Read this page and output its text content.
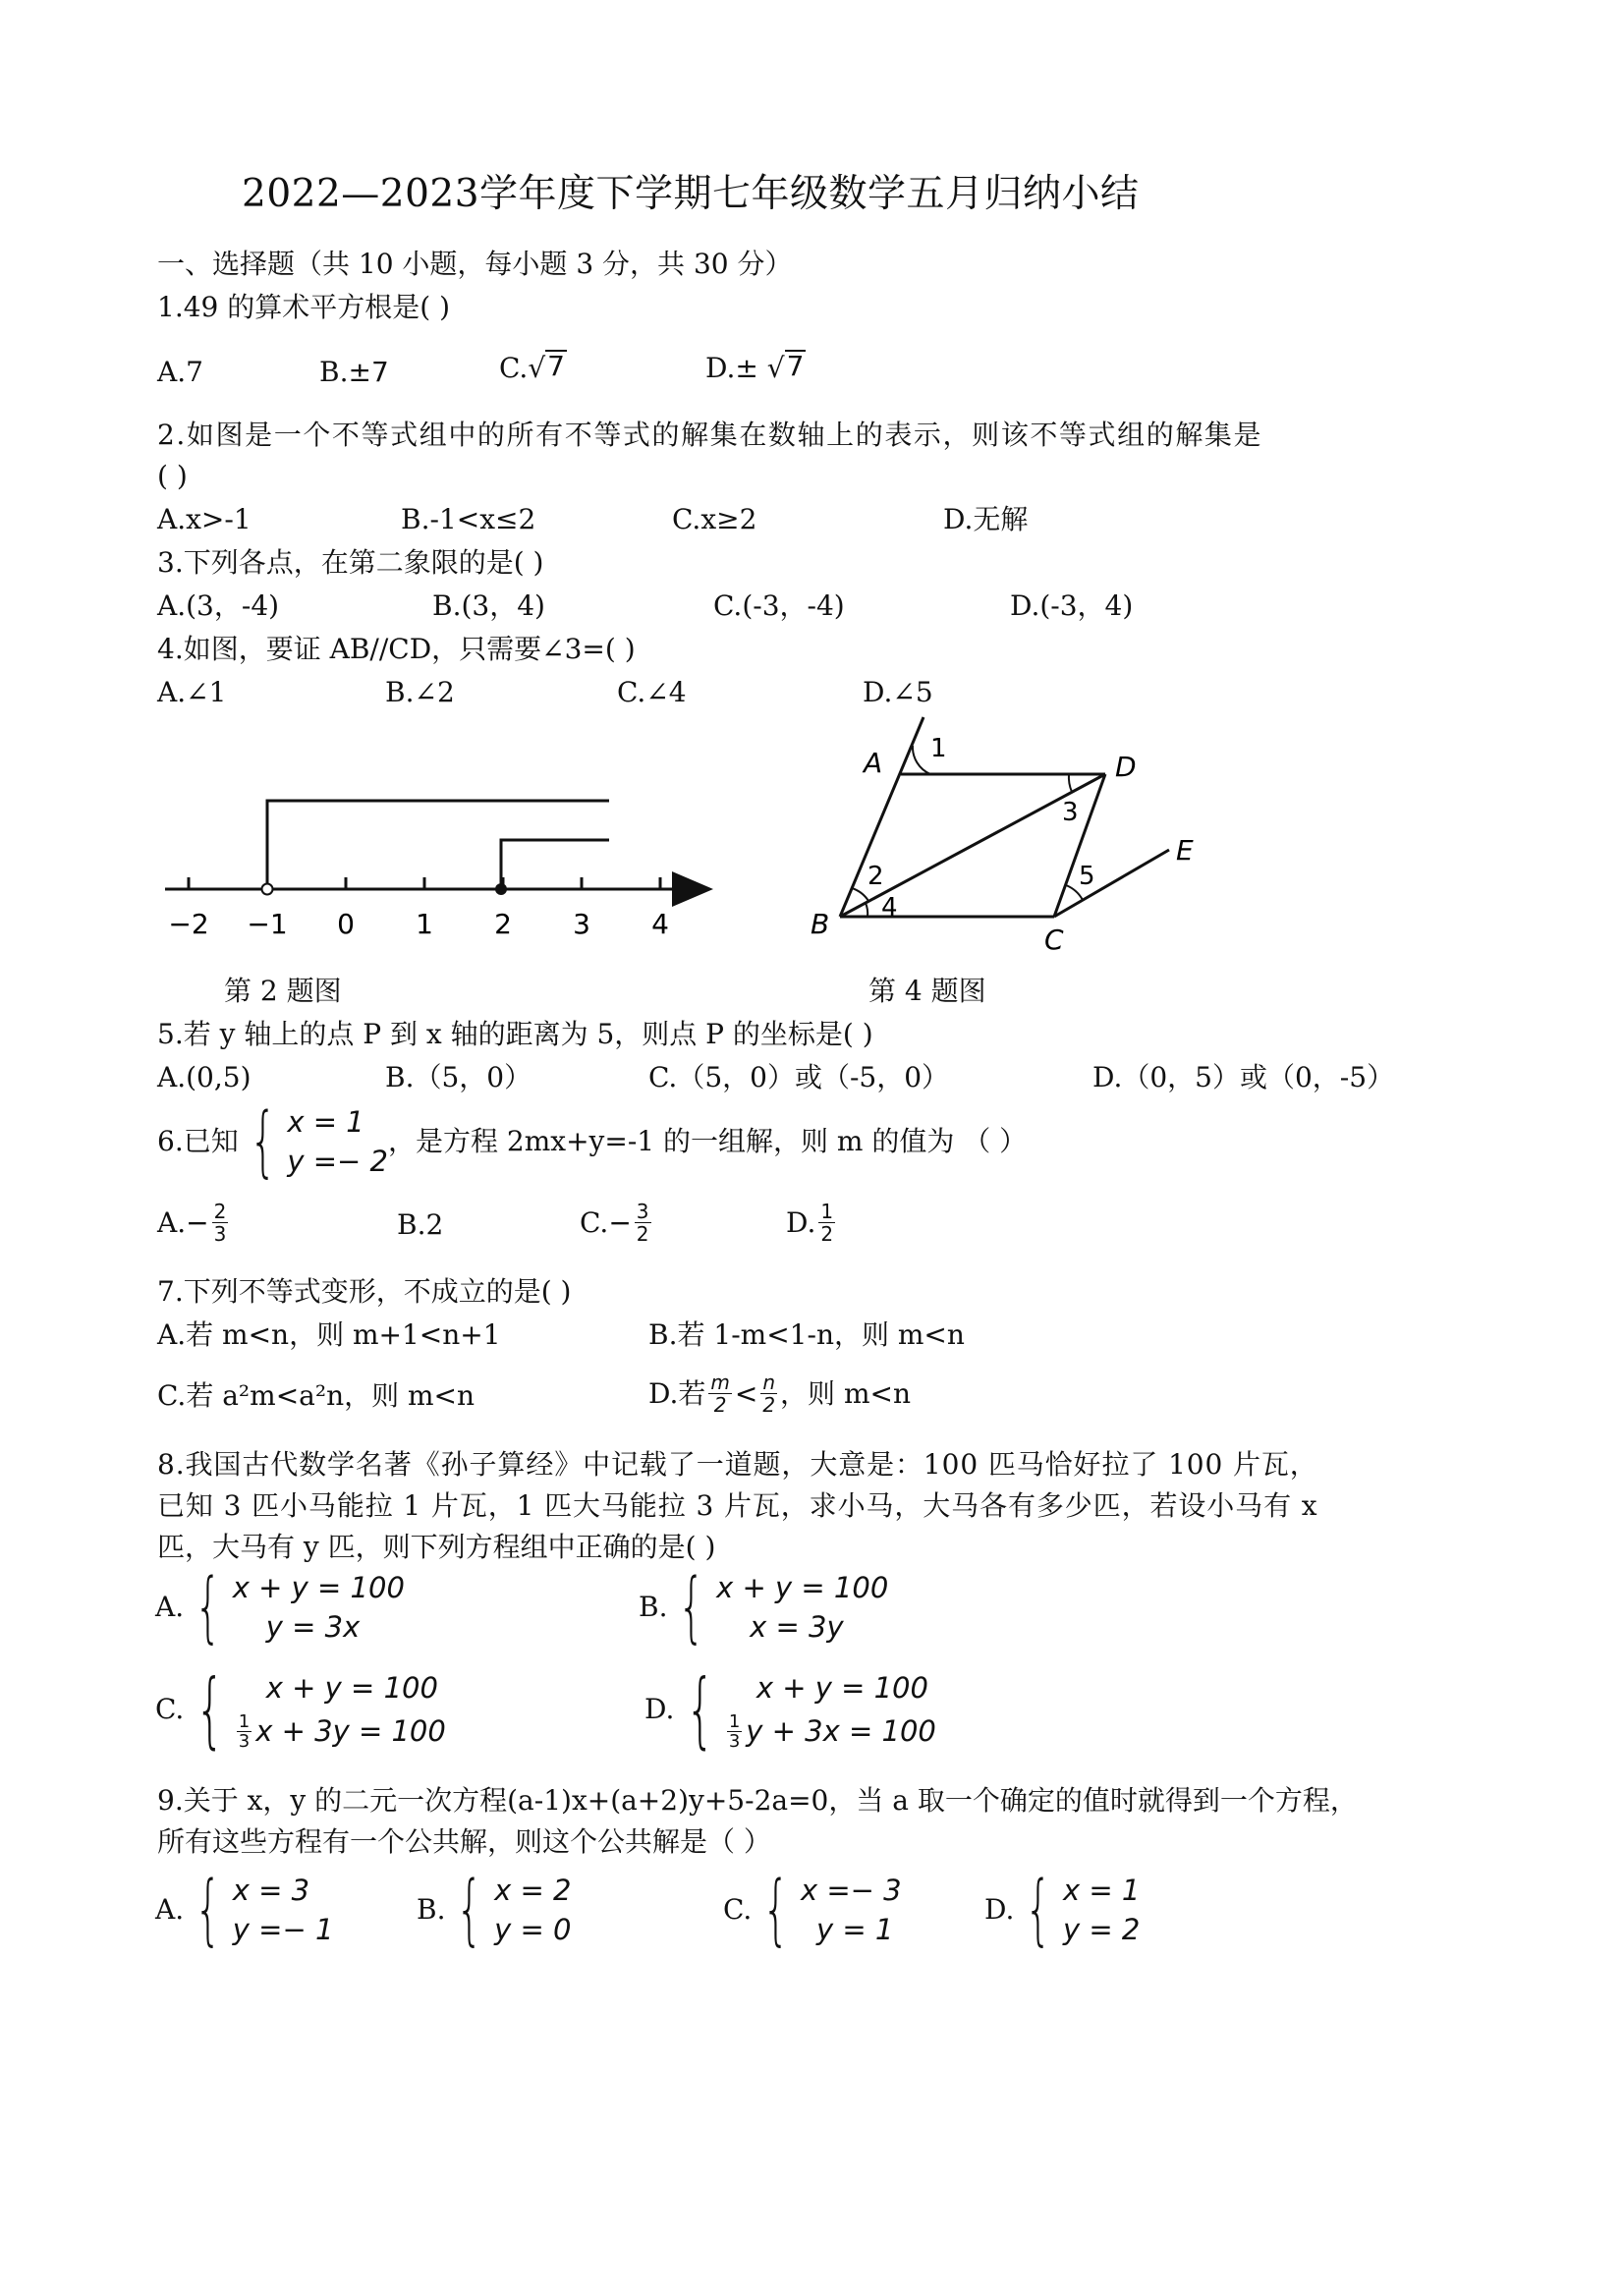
2022—2023学年度下学期七年级数学五月归纳小结
一、选择题（共 10 小题，每小题 3 分，共 30 分）
1.49 的算术平方根是( )
A.7	B.±7	C. √ 7	D.± √ 7
2.如图是一个不等式组中的所有不等式的解集在数轴上的表示，则该不等式组的解集是
( )
A.x>-1	B.-1<x≤2	C.x≥2	D.无解
3.下列各点，在第二象限的是( )
A.(3，-4)	B.(3，4)	C.(-3，-4)	D.(-3，4)
4.如图，要证 AB//CD，只需要∠3=( )
A.∠1	B.∠2	C.∠4	D.∠5
−2 −1 0 1 2 3 4
第 2 题图
A
B	C
D
E
1
3
2
4
5
第 4 题图
5.若 y 轴上的点 P 到 x 轴的距离为 5，则点 P 的坐标是( )
A.(0,5)	B.（5，0）	C.（5，0）或（-5，0）	D.（0，5）或（0，-5）
6.已知 { x = 1
y =− 2
，是方程 2mx+y=-1 的一组解，则 m 的值为 （ ）
A. − $\frac{2}{3}$	B.2	C. − $\frac{3}{2}$	D. $\frac{1}{2}$
7.下列不等式变形，不成立的是( )
A.若 m<n，则 m+1<n+1	B.若 1-m<1-n，则 m<n
C.若 a²m<a²n，则 m<n	D.若 $\frac{m}{2} < \frac{n}{2}$ ，则 m<n
8.我国古代数学名著《孙子算经》中记载了一道题，大意是：100 匹马恰好拉了 100 片瓦，
已知 3 匹小马能拉 1 片瓦，1 匹大马能拉 3 片瓦，求小马，大马各有多少匹，若设小马有 x
匹，大马有 y 匹，则下列方程组中正确的是( )
A. { x + y = 100
y = 3x
B. { x + y = 100
x = 3y
C. {	x + y = 100
$\frac{1}{3}$ x + 3y = 100
D. {	x + y = 100
$\frac{1}{3}$ y + 3x = 100
9.关于 x，y 的二元一次方程(a-1)x+(a+2)y+5-2a=0，当 a 取一个确定的值时就得到一个方程，
所有这些方程有一个公共解，则这个公共解是（ ）
A. { x = 3
y =− 1
B. { x = 2
y = 0
C. { x =− 3
y = 1
D. { x = 1
y = 2
